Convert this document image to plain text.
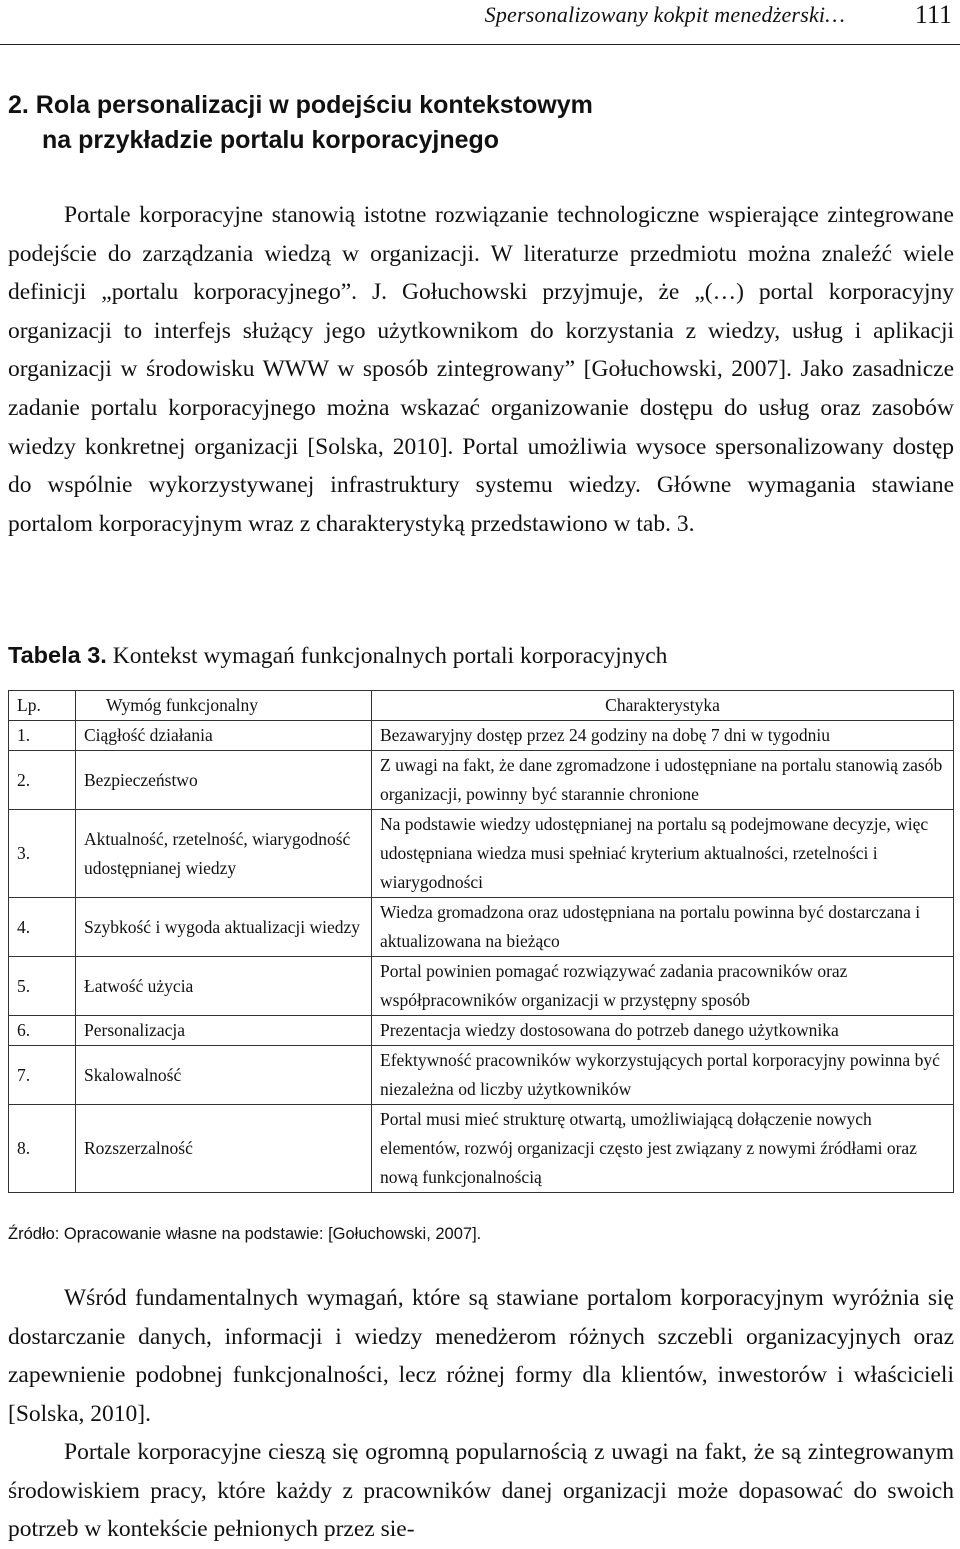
Spersonalizowany kokpit menedżerski…	111
2. Rola personalizacji w podejściu kontekstowym
na przykładzie portalu korporacyjnego

Portale korporacyjne stanowią istotne rozwiązanie technologiczne wspierające zintegrowane podejście do zarządzania wiedzą w organizacji. W literaturze przedmiotu można znaleźć wiele definicji „portalu korporacyjnego”. J. Gołuchowski przyjmuje, że „(…) portal korporacyjny organizacji to interfejs służący jego użytkownikom do korzystania z wiedzy, usług i aplikacji organizacji w środowisku WWW w sposób zintegrowany” [Gołuchowski, 2007]. Jako zasadnicze zadanie portalu korporacyjnego można wskazać organizowanie dostępu do usług oraz zasobów wiedzy konkretnej organizacji [Solska, 2010]. Portal umożliwia wysoce spersonalizowany dostęp do wspólnie wykorzystywanej infrastruktury systemu wiedzy. Główne wymagania stawiane portalom korporacyjnym wraz z charakterystyką przedstawiono w tab. 3.

Tabela 3. Kontekst wymagań funkcjonalnych portali korporacyjnych
Lp.	Wymóg funkcjonalny	Charakterystyka
1.	Ciągłość działania	Bezawaryjny dostęp przez 24 godziny na dobę 7 dni w tygodniu
2.	Bezpieczeństwo	Z uwagi na fakt, że dane zgromadzone i udostępniane na portalu stanowią zasób organizacji, powinny być starannie chronione
3.	Aktualność, rzetelność, wiarygodność udostępnianej wiedzy	Na podstawie wiedzy udostępnianej na portalu są podejmowane decyzje, więc udostępniana wiedza musi spełniać kryterium aktualności, rzetelności i wiarygodności
4.	Szybkość i wygoda aktualizacji wiedzy	Wiedza gromadzona oraz udostępniana na portalu powinna być dostarczana i aktualizowana na bieżąco
5.	Łatwość użycia	Portal powinien pomagać rozwiązywać zadania pracowników oraz współpracowników organizacji w przystępny sposób
6.	Personalizacja	Prezentacja wiedzy dostosowana do potrzeb danego użytkownika
7.	Skalowalność	Efektywność pracowników wykorzystujących portal korporacyjny powinna być niezależna od liczby użytkowników
8.	Rozszerzalność	Portal musi mieć strukturę otwartą, umożliwiającą dołączenie nowych elementów, rozwój organizacji często jest związany z nowymi źródłami oraz nową funkcjonalnością
Źródło: Opracowanie własne na podstawie: [Gołuchowski, 2007].

Wśród fundamentalnych wymagań, które są stawiane portalom korporacyjnym wyróżnia się dostarczanie danych, informacji i wiedzy menedżerom różnych szczebli organizacyjnych oraz zapewnienie podobnej funkcjonalności, lecz różnej formy dla klientów, inwestorów i właścicieli [Solska, 2010].

Portale korporacyjne cieszą się ogromną popularnością z uwagi na fakt, że są zintegrowanym środowiskiem pracy, które każdy z pracowników danej organizacji może dopasować do swoich potrzeb w kontekście pełnionych przez sie-
